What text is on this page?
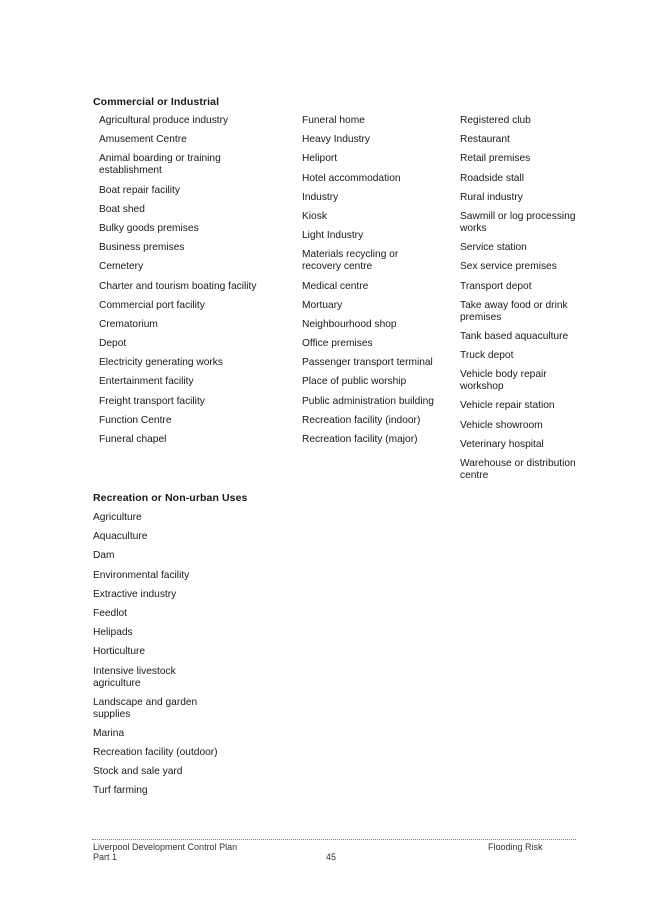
Commercial or Industrial
Agricultural produce industry
Amusement Centre
Animal boarding or training establishment
Boat repair facility
Boat shed
Bulky goods premises
Business premises
Cemetery
Charter and tourism boating facility
Commercial port facility
Crematorium
Depot
Electricity generating works
Entertainment facility
Freight transport facility
Function Centre
Funeral chapel
Funeral home
Heavy Industry
Heliport
Hotel accommodation
Industry
Kiosk
Light Industry
Materials recycling or recovery centre
Medical centre
Mortuary
Neighbourhood shop
Office premises
Passenger transport terminal
Place of public worship
Public administration building
Recreation facility (indoor)
Recreation facility (major)
Registered club
Restaurant
Retail premises
Roadside stall
Rural industry
Sawmill or log processing works
Service station
Sex service premises
Transport depot
Take away food or drink premises
Tank based aquaculture
Truck depot
Vehicle body repair workshop
Vehicle repair station
Vehicle showroom
Veterinary hospital
Warehouse or distribution centre
Recreation or Non-urban Uses
Agriculture
Aquaculture
Dam
Environmental facility
Extractive industry
Feedlot
Helipads
Horticulture
Intensive livestock agriculture
Landscape and garden supplies
Marina
Recreation facility (outdoor)
Stock and sale yard
Turf farming
Liverpool Development Control Plan
Part 1	45
Flooding Risk
